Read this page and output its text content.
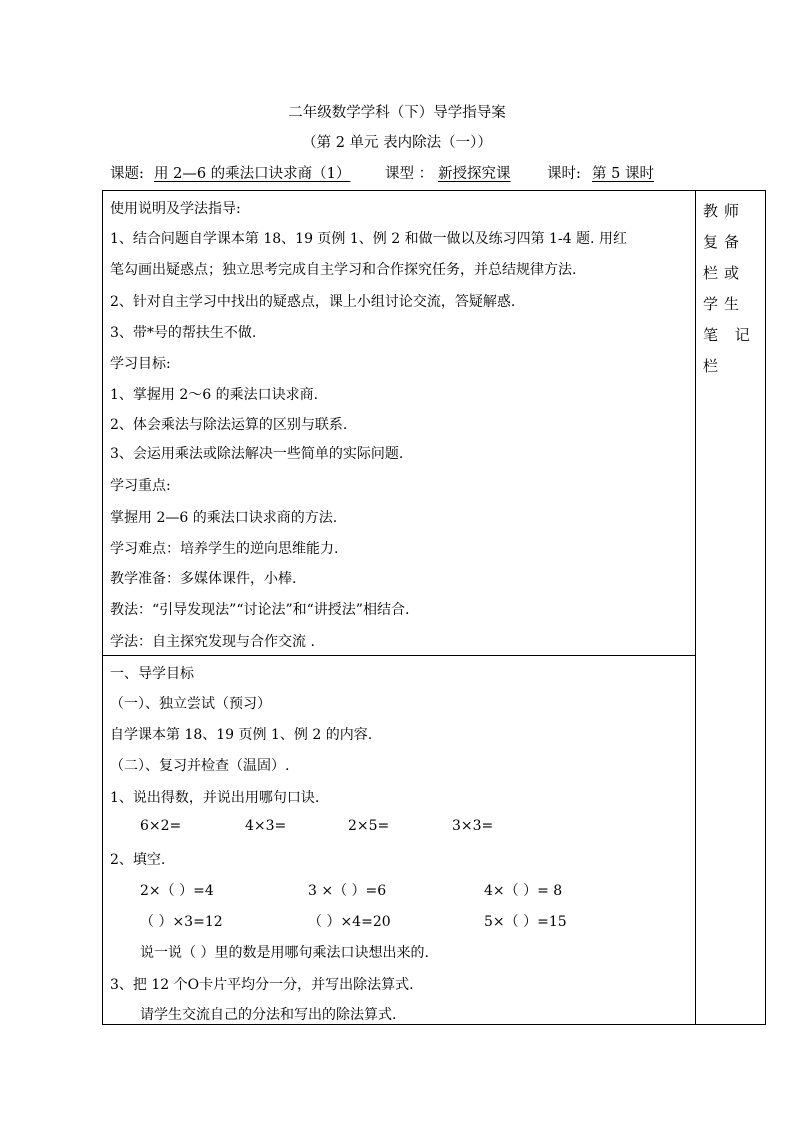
二年级数学学科（下）导学指导案
（第 2 单元 表内除法（一））
课题: 用 2—6 的乘法口诀求商（1） 课型 ： 新授探究课	课时: 第 5 课时
教师复备栏或学生笔 记 栏
使用说明及学法指导:
1、结合问题自学课本第 18、19 页例 1、例 2 和做一做以及练习四第 1-4 题. 用红
笔勾画出疑惑点；独立思考完成自主学习和合作探究任务，并总结规律方法.
2、针对自主学习中找出的疑惑点，课上小组讨论交流，答疑解惑.
3、带*号的帮扶生不做.
学习目标:
1、掌握用 2～6 的乘法口诀求商.
2、体会乘法与除法运算的区别与联系.
3、会运用乘法或除法解决一些简单的实际问题.
学习重点:
掌握用 2—6 的乘法口诀求商的方法.
学习难点：培养学生的逆向思维能力.
教学准备：多媒体课件，小棒.
教法：“引导发现法”“讨论法”和“讲授法”相结合.
学法：自主探究发现与合作交流 .
一、导学目标
（一）、独立尝试（预习）
自学课本第 18、19 页例 1、例 2 的内容.
（二）、复习并检查（温固）.
1、说出得数，并说出用哪句口诀.
6×2=	4×3=	2×5=	3×3=
2、填空.
2×（ ）=4	3 ×（ ）=6	4×（ ）= 8
（ ）×3=12	（ ）×4=20	5×（ ）=15
说一说（ ）里的数是用哪句乘法口诀想出来的.
3、把 12 个O卡片平均分一分，并写出除法算式.
请学生交流自己的分法和写出的除法算式.
